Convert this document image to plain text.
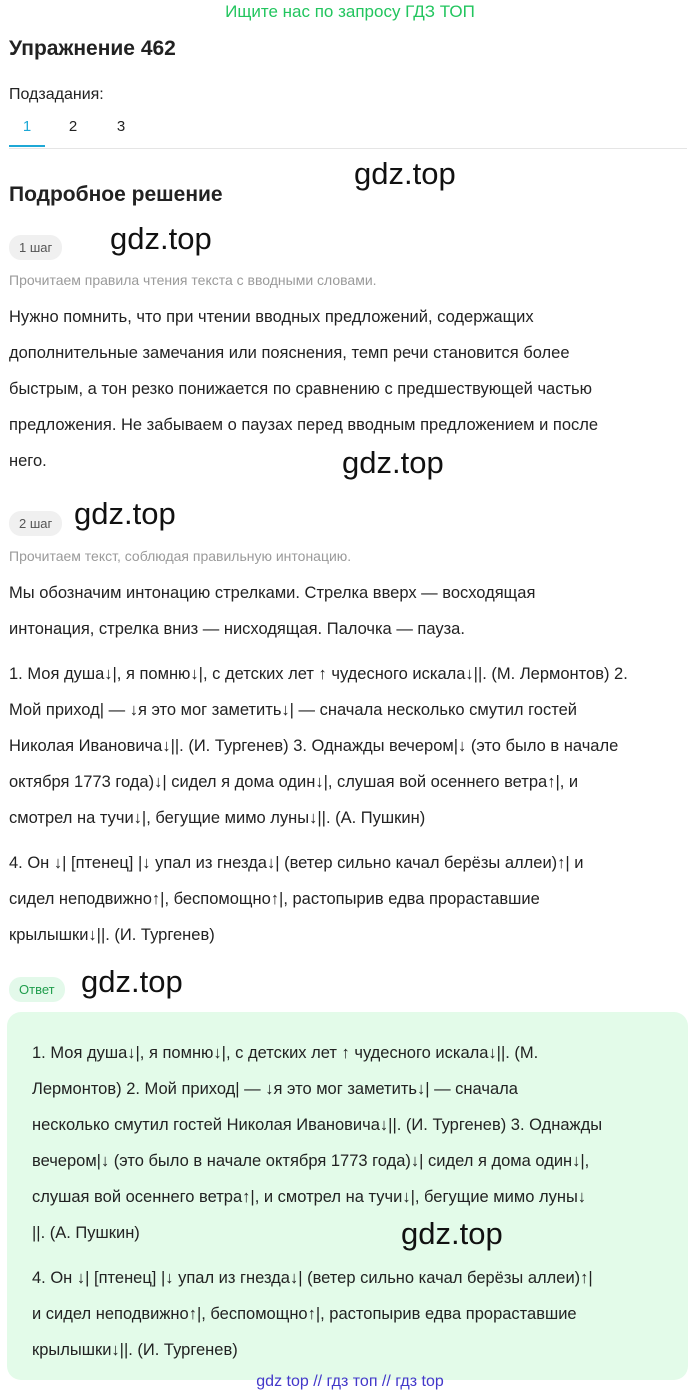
Ищите нас по запросу ГДЗ ТОП
Упражнение 462
Подзадания:
1	2	3
gdz.top
Подробное решение
1 шаг	gdz.top
Прочитаем правила чтения текста с вводными словами.
Нужно помнить, что при чтении вводных предложений, содержащих
дополнительные замечания или пояснения, темп речи становится более
быстрым, а тон резко понижается по сравнению с предшествующей частью
предложения. Не забываем о паузах перед вводным предложением и после
него.	gdz.top
2 шаг gdz.top
Прочитаем текст, соблюдая правильную интонацию.
Мы обозначим интонацию стрелками. Стрелка вверх — восходящая
интонация, стрелка вниз — нисходящая. Палочка — пауза.
1. Моя душа↓|, я помню↓|, с детских лет ↑ чудесного искала↓||. (М. Лермонтов) 2.
Мой приход| — ↓я это мог заметить↓| — сначала несколько смутил гостей
Николая Ивановича↓||. (И. Тургенев) 3. Однажды вечером|↓ (это было в начале
октября 1773 года)↓| сидел я дома один↓|, слушая вой осеннего ветра↑|, и
смотрел на тучи↓|, бегущие мимо луны↓||. (А. Пушкин)
4. Он ↓| [птенец] |↓ упал из гнезда↓| (ветер сильно качал берёзы аллеи)↑| и
сидел неподвижно↑|, беспомощно↑|, растопырив едва прораставшие
крылышки↓||. (И. Тургенев)
Ответ gdz.top
1. Моя душа↓|, я помню↓|, с детских лет ↑ чудесного искала↓||. (М.
Лермонтов) 2. Мой приход| — ↓я это мог заметить↓| — сначала
несколько смутил гостей Николая Ивановича↓||. (И. Тургенев) 3. Однажды
вечером|↓ (это было в начале октября 1773 года)↓| сидел я дома один↓|,
слушая вой осеннего ветра↑|, и смотрел на тучи↓|, бегущие мимо луны↓
||. (А. Пушкин)	gdz.top
4. Он ↓| [птенец] |↓ упал из гнезда↓| (ветер сильно качал берёзы аллеи)↑|
и сидел неподвижно↑|, беспомощно↑|, растопырив едва прораставшие
крылышки↓||. (И. Тургенев)
gdz top // гдз топ // гдз top
